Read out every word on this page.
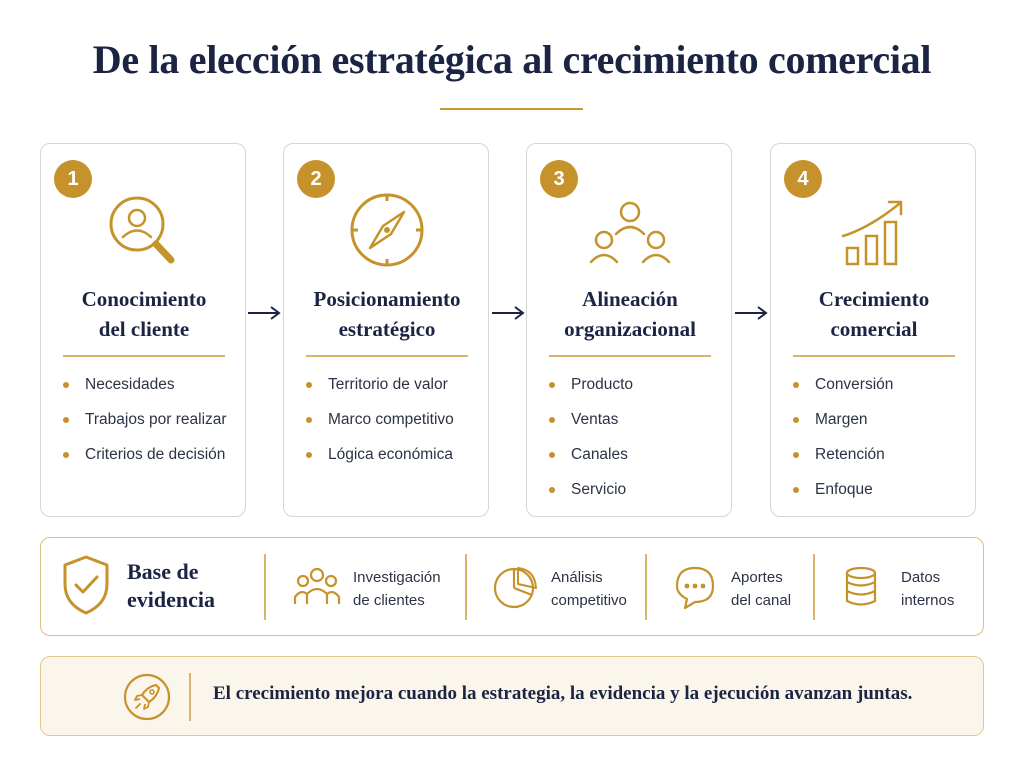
De la elección estratégica al crecimiento comercial
1
Conocimiento
del cliente
Necesidades
Trabajos por realizar
Criterios de decisión
2
Posicionamiento
estratégico
Territorio de valor
Marco competitivo
Lógica económica
3
Alineación
organizacional
Producto
Ventas
Canales
Servicio
4
Crecimiento
comercial
Conversión
Margen
Retención
Enfoque
Base de
evidencia
Investigación
de clientes
Análisis
competitivo
Aportes
del canal
Datos
internos
El crecimiento mejora cuando la estrategia, la evidencia y la ejecución avanzan juntas.
